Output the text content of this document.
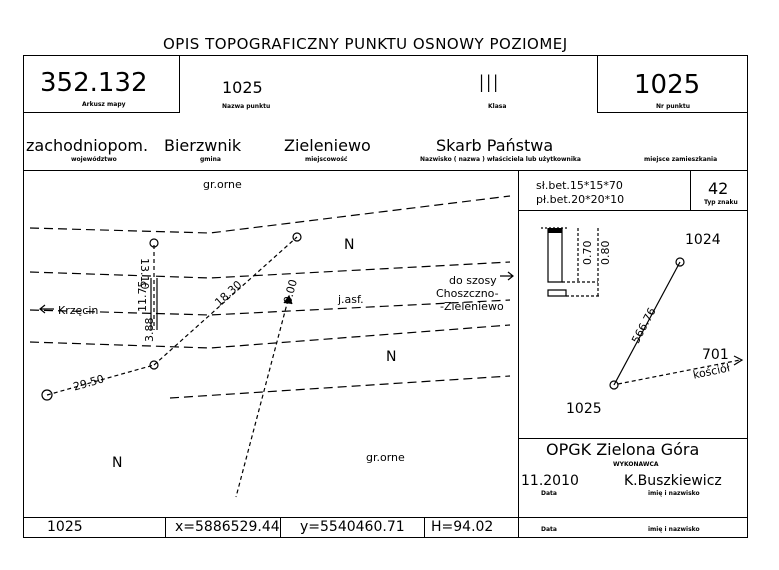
OPIS TOPOGRAFICZNY PUNKTU OSNOWY POZIOMEJ
352.132
Arkusz mapy
1025
Nazwa punktu
III
Klasa
1025
Nr punktu
zachodniopom.
województwo
Bierzwnik
gmina
Zieleniewo
miejscowość
Skarb Państwa
Nazwisko ( nazwa ) właściciela lub użytkownika	miejsce zamieszkania
sł.bet.15*15*70
pł.bet.20*20*10
42
Typ znaku
gr.orne
gr.orne
N
N
N
j.asf.
Krzęcin
do szosy
Choszczno-
-Zieleniewo
13.10
18.30
11.75
3.88
0.00
29.50
0.70 0.80
1024
1025
566.76
701
kościół
OPGK Zielona Góra
WYKONAWCA
11.2010
Data
K.Buszkiewicz
imię i nazwisko
1025	x=5886529.44 y=5540460.71 H=94.02	Data	imię i nazwisko
